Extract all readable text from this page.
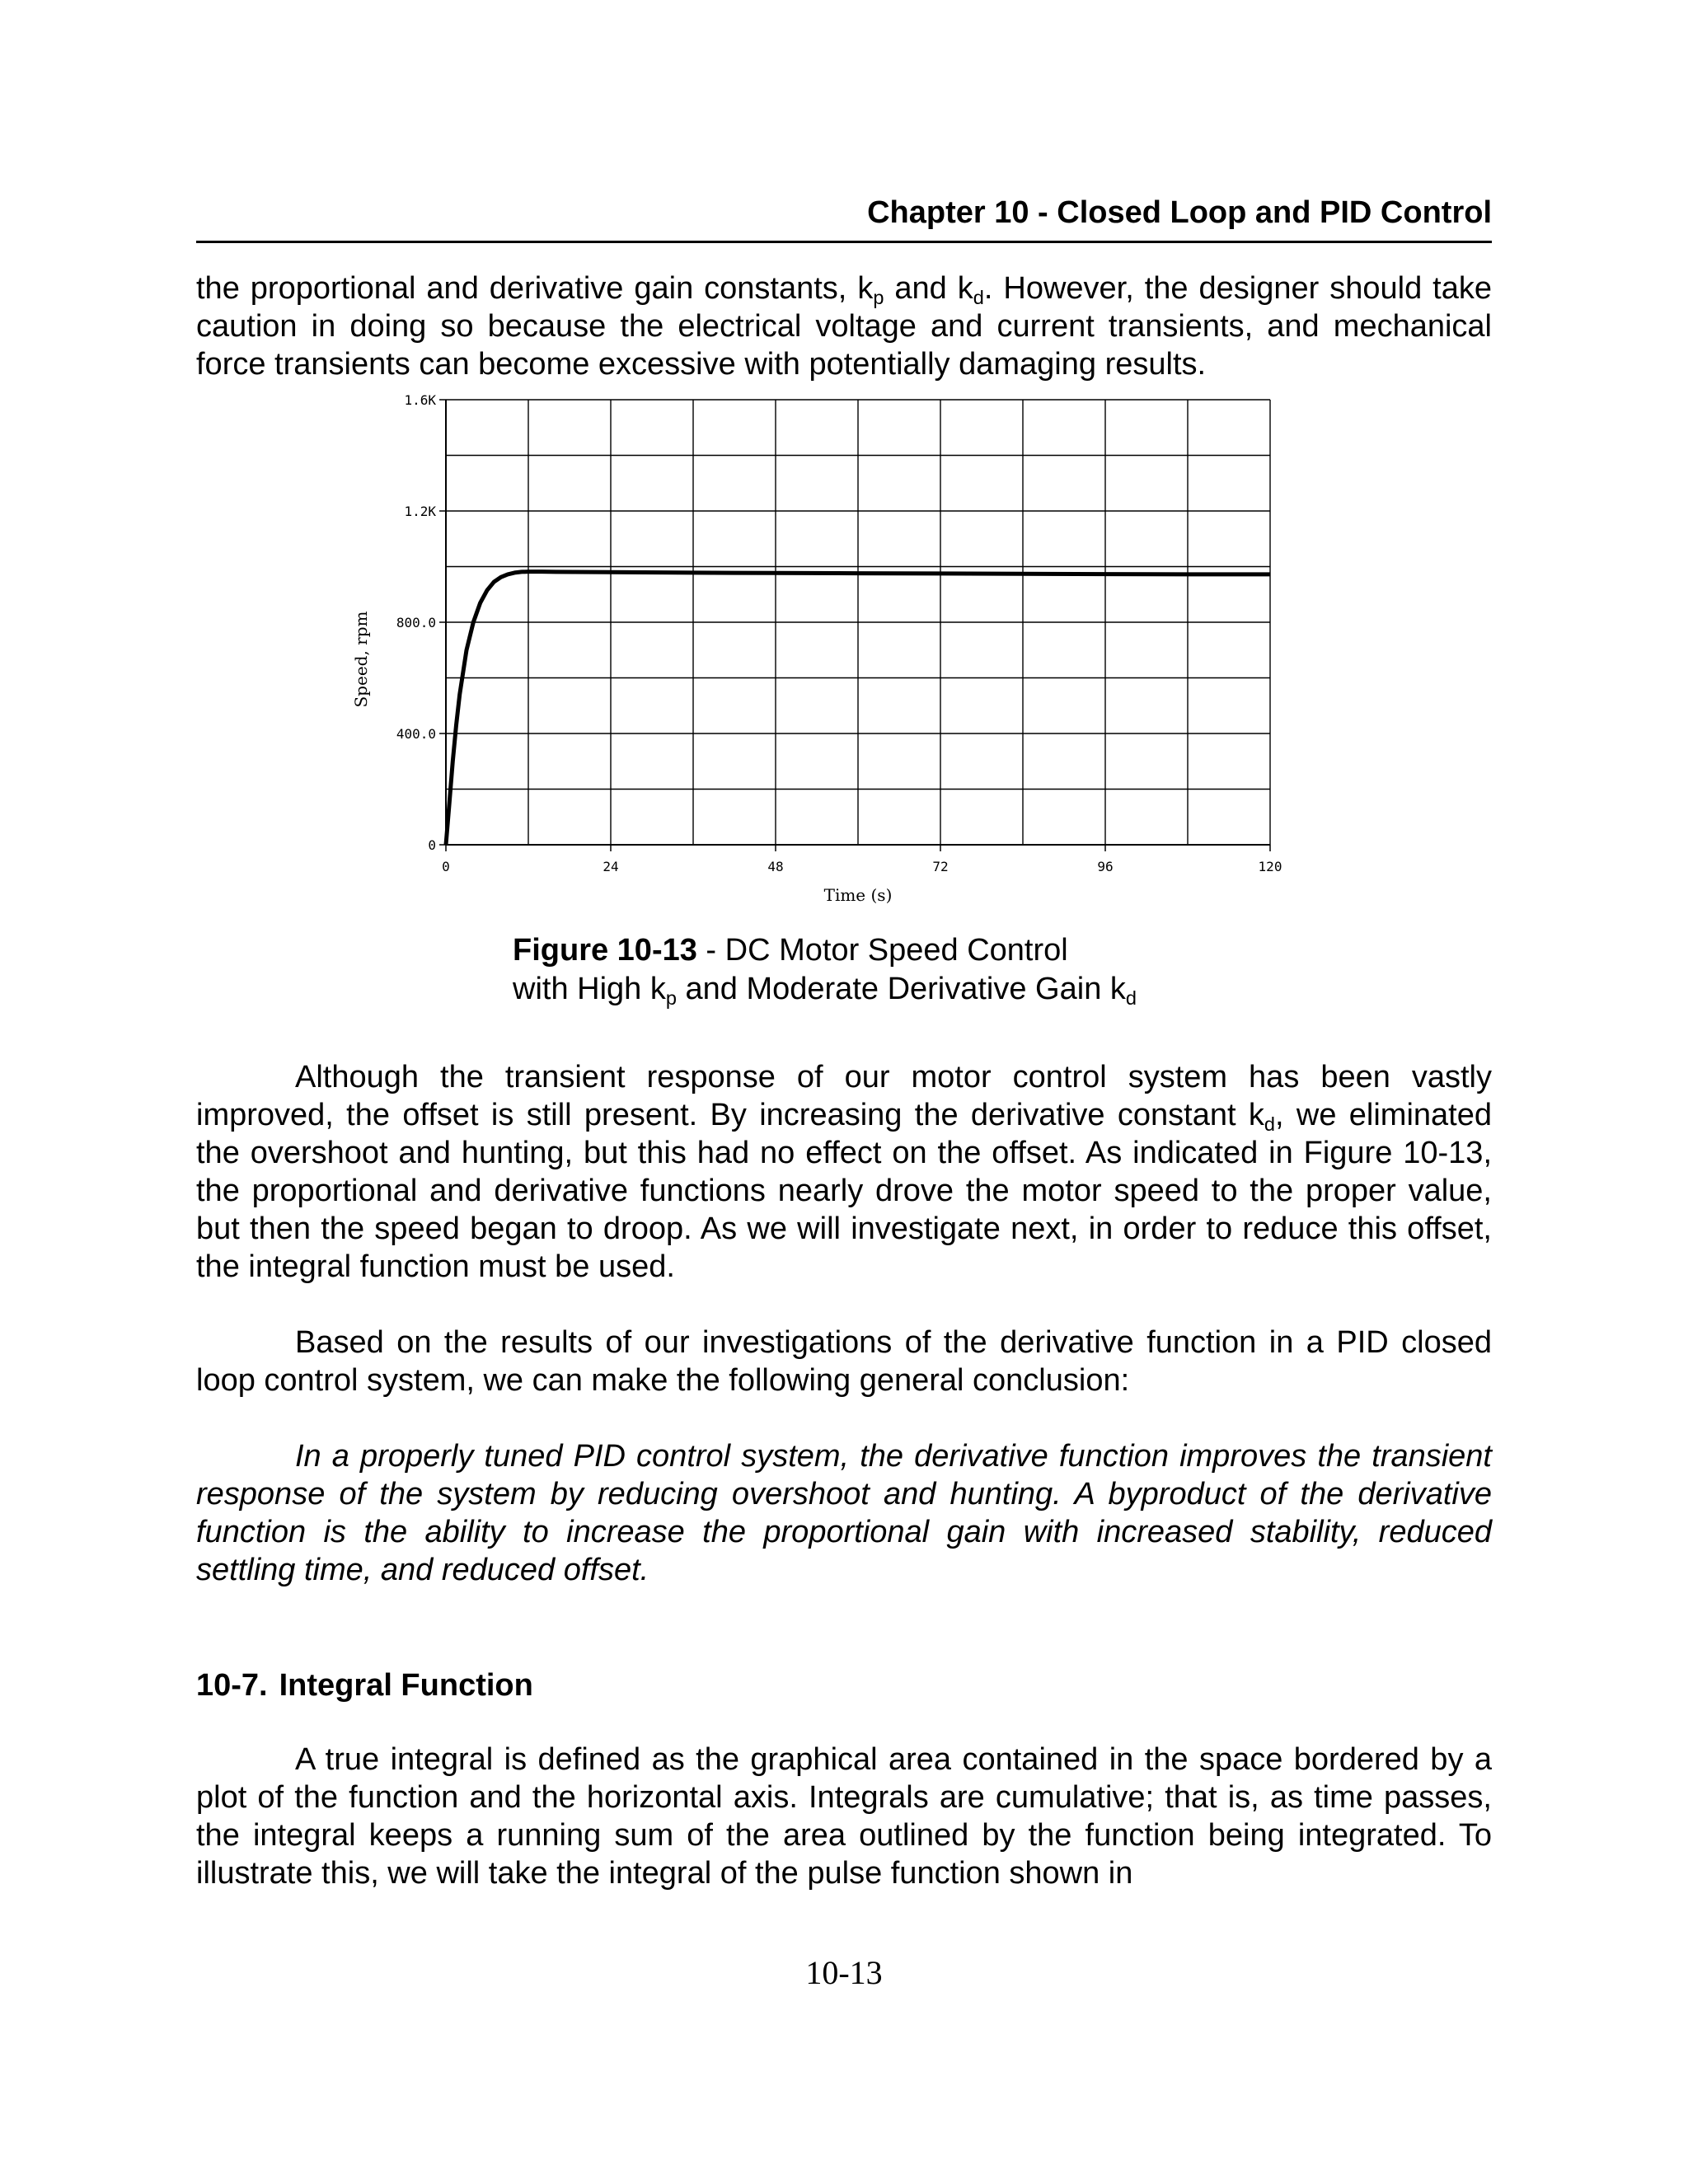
Chapter 10 - Closed Loop and PID Control

the proportional and derivative gain constants, $k_p$ and $k_d$. However, the designer should take caution in doing so because the electrical voltage and current transients, and mechanical force transients can become excessive with potentially damaging results.

0	24	48	72	96	120
0
400.0
800.0
1.2K
1.6K
Time (s)
Speed, rpm
Figure 10-13 - DC Motor Speed Control
with High $k_p$ and Moderate Derivative Gain $k_d$

Although the transient response of our motor control system has been vastly improved, the offset is still present. By increasing the derivative constant $k_d$, we eliminated the overshoot and hunting, but this had no effect on the offset. As indicated in Figure 10-13, the proportional and derivative functions nearly drove the motor speed to the proper value, but then the speed began to droop. As we will investigate next, in order to reduce this offset, the integral function must be used.

Based on the results of our investigations of the derivative function in a PID closed loop control system, we can make the following general conclusion:

In a properly tuned PID control system, the derivative function improves the transient response of the system by reducing overshoot and hunting. A byproduct of the derivative function is the ability to increase the proportional gain with increased stability, reduced settling time, and reduced offset.

10-7. Integral Function

A true integral is defined as the graphical area contained in the space bordered by a plot of the function and the horizontal axis. Integrals are cumulative; that is, as time passes, the integral keeps a running sum of the area outlined by the function being integrated. To illustrate this, we will take the integral of the pulse function shown in

10-13
